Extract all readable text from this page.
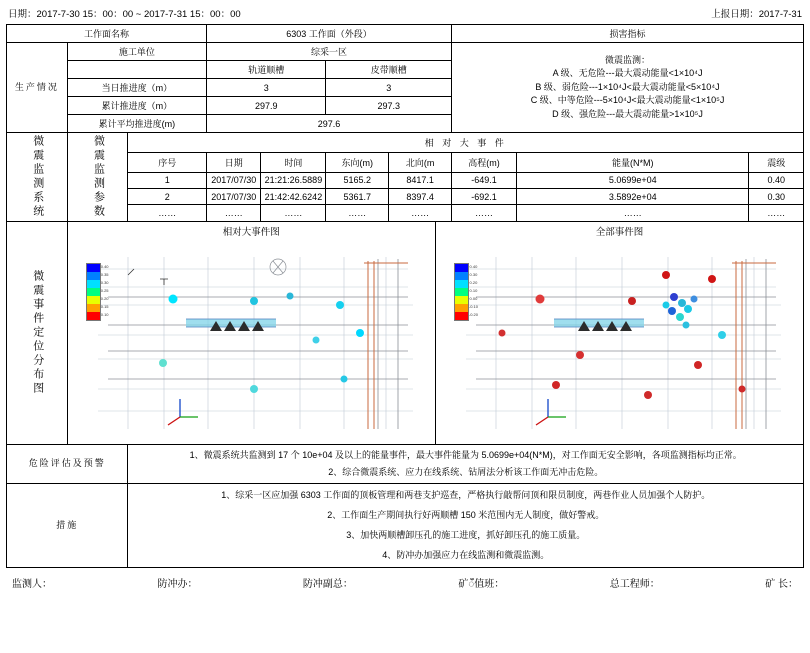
日期：2017-7-30 15：00：00 ~ 2017-7-31 15：00：00	上报日期：2017-7-31
工作面名称			6303 工作面（外段）				损害指标		
生产情况	施工单位		综采一区				微震监测：
A 级、无危险---最大震动能量<1×10⁴J
B 级、弱危险---1×10⁴J<最大震动能量<5×10⁴J
C 级、中等危险---5×10⁴J<最大震动能量<1×10⁵J
D 级、强危险---最大震动能量>1×10⁵J		

			轨道顺槽		皮带顺槽				
	当日推进度（m）		3		3				
	累计推进度（m）		297.9		297.3				
	累计平均推进度(m)		297.6						

微震监测系统	微震监测参数	相 对 大 事 件							
		序号	日期	时间	东向(m)	北向(m	高程(m)	能量(N*M)	震级
		1	2017/07/30	21:21:26.5889	5165.2	8417.1	-649.1	5.0699e+04	0.40
		2	2017/07/30	21:42:42.6242	5361.7	8397.4	-692.1	3.5892e+04	0.30
		……	……	……	……	……	……	……	……

微震事件定位分布图

相对大事件图
0.40
0.35
0.30
0.25
0.20
0.15
0.10
全部事件图
0.40
0.30
0.20
0.10
0.00
-0.10
-0.20

危险评估及预警		1、微震系统共监测到 17 个 10e+04 及以上的能量事件，最大事件能量为 5.0699e+04(N*M)，对工作面无安全影响，各项监测指标均正常。
2、综合微震系统、应力在线系统、钻屑法分析该工作面无冲击危险。							

措施		1、综采一区应加强 6303 工作面的顶板管理和两巷支护巡查，严格执行敲帮问顶和限员制度，两巷作业人员加强个人防护。
2、工作面生产期间执行好两顺槽 150 米范围内无人制度，做好警戒。
3、加快两顺槽卸压孔的施工进度，抓好卸压孔的施工质量。
4、防冲办加强应力在线监测和微震监测。							
监测人：	防冲办：	防冲副总：	矿ँ值班：	总工程师：	矿 长：
